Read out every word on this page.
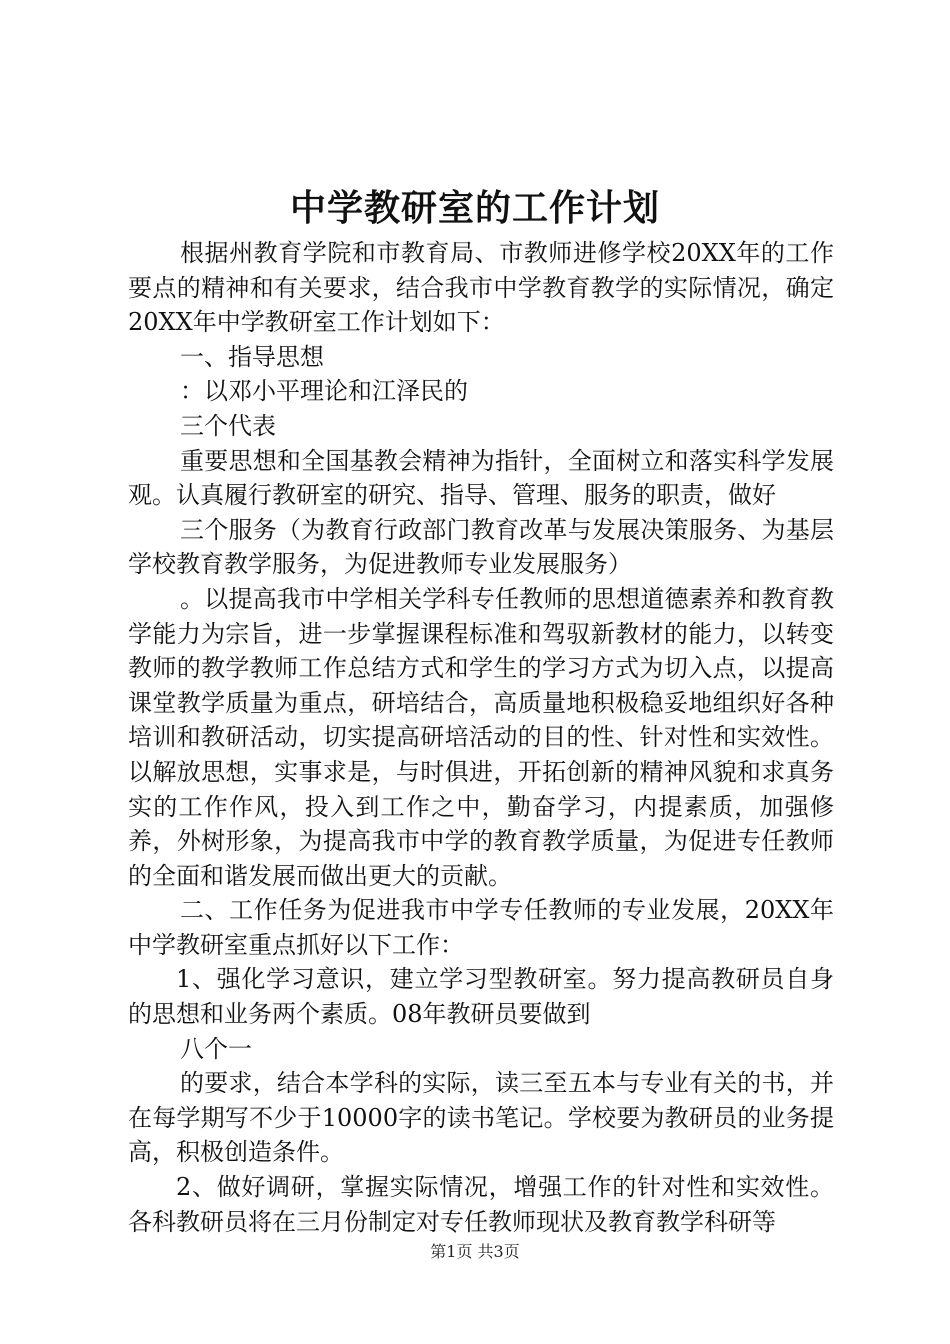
中学教研室的工作计划

根据州教育学院和市教育局、市教师进修学校20XX年的工作要点的精神和有关要求，结合我市中学教育教学的实际情况，确定20XX年中学教研室工作计划如下：

一、指导思想

：以邓小平理论和江泽民的

三个代表

重要思想和全国基教会精神为指针，全面树立和落实科学发展观。认真履行教研室的研究、指导、管理、服务的职责，做好

三个服务（为教育行政部门教育改革与发展决策服务、为基层学校教育教学服务，为促进教师专业发展服务）

。以提高我市中学相关学科专任教师的思想道德素养和教育教学能力为宗旨，进一步掌握课程标准和驾驭新教材的能力，以转变教师的教学教师工作总结方式和学生的学习方式为切入点，以提高课堂教学质量为重点，研培结合，高质量地积极稳妥地组织好各种培训和教研活动，切实提高研培活动的目的性、针对性和实效性。以解放思想，实事求是，与时俱进，开拓创新的精神风貌和求真务实的工作作风，投入到工作之中，勤奋学习，内提素质，加强修养，外树形象，为提高我市中学的教育教学质量，为促进专任教师的全面和谐发展而做出更大的贡献。

二、工作任务为促进我市中学专任教师的专业发展，20XX年中学教研室重点抓好以下工作：

1、强化学习意识，建立学习型教研室。努力提高教研员自身的思想和业务两个素质。08年教研员要做到

八个一

的要求，结合本学科的实际，读三至五本与专业有关的书，并在每学期写不少于10000字的读书笔记。学校要为教研员的业务提高，积极创造条件。

2、做好调研，掌握实际情况，增强工作的针对性和实效性。各科教研员将在三月份制定对专任教师现状及教育教学科研等

第1页 共3页
